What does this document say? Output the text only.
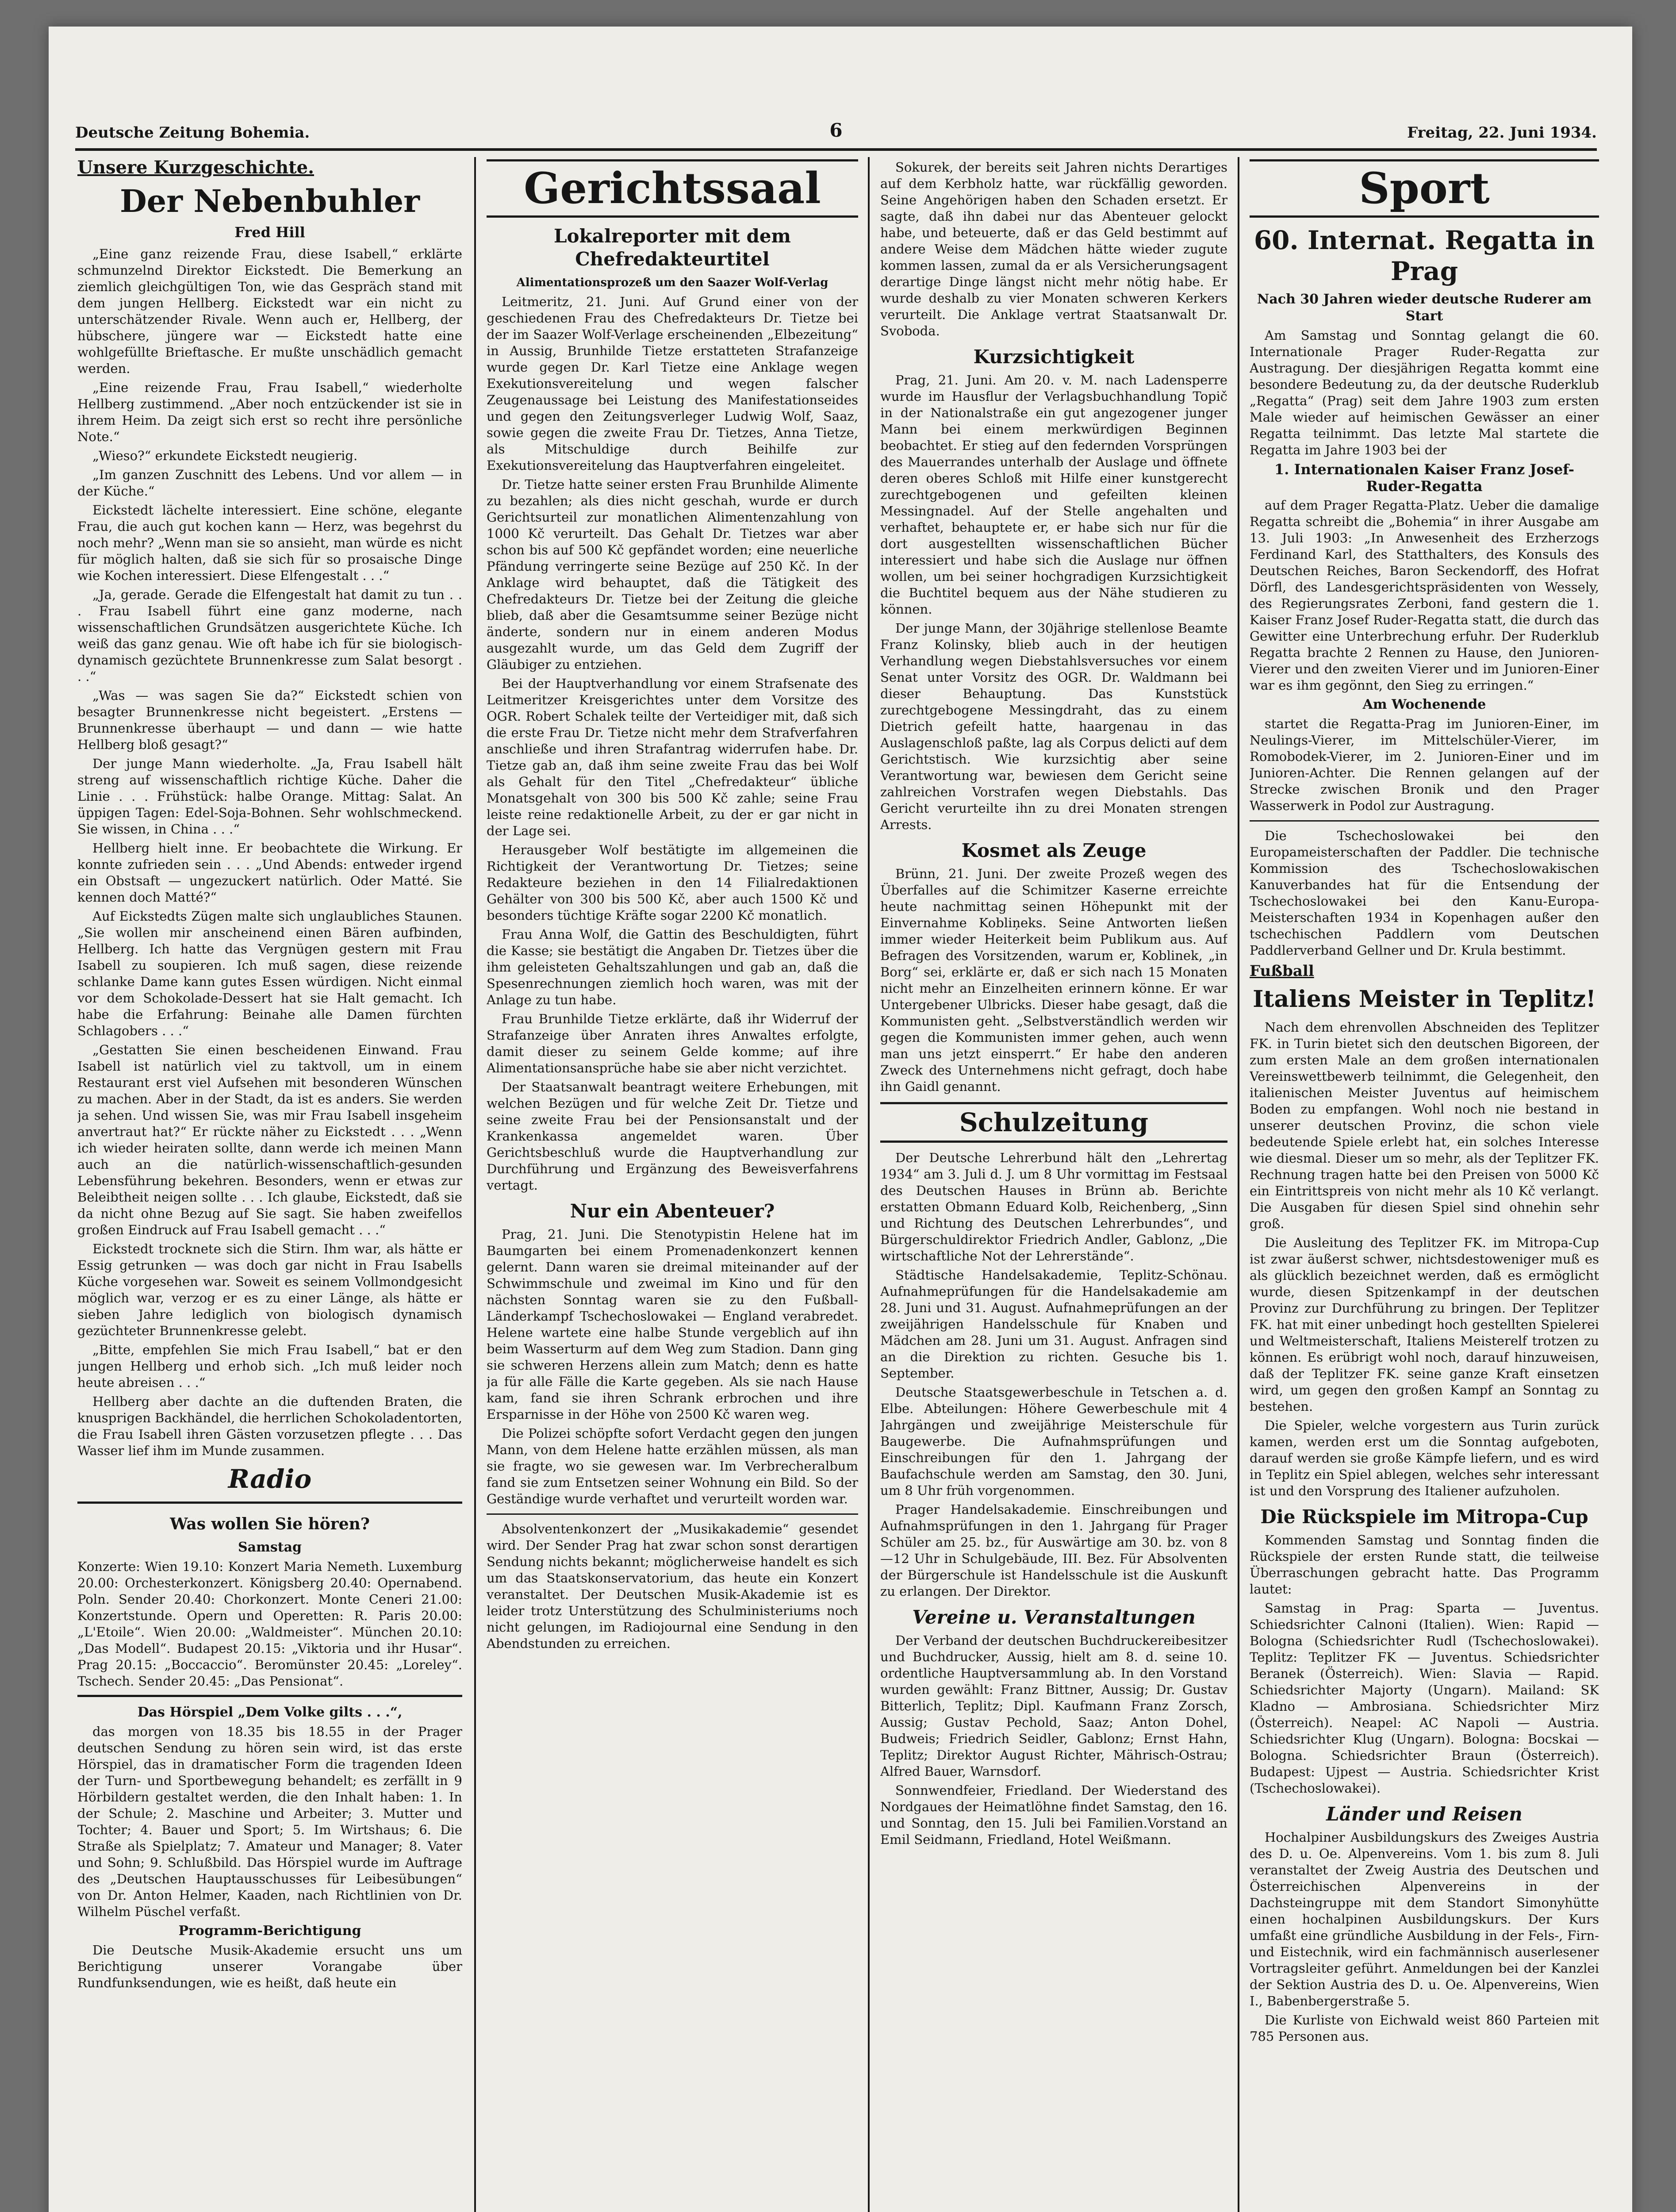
Deutsche Zeitung Bohemia.	6	Freitag, 22. Juni 1934.
Unsere Kurzgeschichte.
Der Nebenbuhler
Fred Hill

„Eine ganz reizende Frau, diese Isabell,“ erklärte schmunzelnd Direktor Eickstedt. Die Bemerkung an ziemlich gleichgültigen Ton, wie das Gespräch stand mit dem jungen Hellberg. Eickstedt war ein nicht zu unterschätzender Rivale. Wenn auch er, Hellberg, der hübschere, jüngere war — Eickstedt hatte eine wohlgefüllte Brieftasche. Er mußte unschädlich gemacht werden.

„Eine reizende Frau, Frau Isabell,“ wiederholte Hellberg zustimmend. „Aber noch entzückender ist sie in ihrem Heim. Da zeigt sich erst so recht ihre persönliche Note.“

„Wieso?“ erkundete Eickstedt neugierig.

„Im ganzen Zuschnitt des Lebens. Und vor allem — in der Küche.“

Eickstedt lächelte interessiert. Eine schöne, elegante Frau, die auch gut kochen kann — Herz, was begehrst du noch mehr? „Wenn man sie so ansieht, man würde es nicht für möglich halten, daß sie sich für so prosaische Dinge wie Kochen interessiert. Diese Elfengestalt . . .“

„Ja, gerade. Gerade die Elfengestalt hat damit zu tun . . . Frau Isabell führt eine ganz moderne, nach wissenschaftlichen Grundsätzen ausgerichtete Küche. Ich weiß das ganz genau. Wie oft habe ich für sie biologisch-dynamisch gezüchtete Brunnenkresse zum Salat besorgt . . .“

„Was — was sagen Sie da?“ Eickstedt schien von besagter Brunnenkresse nicht begeistert. „Erstens — Brunnenkresse überhaupt — und dann — wie hatte Hellberg bloß gesagt?“

Der junge Mann wiederholte. „Ja, Frau Isabell hält streng auf wissenschaftlich richtige Küche. Daher die Linie . . . Frühstück: halbe Orange. Mittag: Salat. An üppigen Tagen: Edel-Soja-Bohnen. Sehr wohlschmeckend. Sie wissen, in China . . .“

Hellberg hielt inne. Er beobachtete die Wirkung. Er konnte zufrieden sein . . . „Und Abends: entweder irgend ein Obstsaft — ungezuckert natürlich. Oder Matté. Sie kennen doch Matté?“

Auf Eickstedts Zügen malte sich unglaubliches Staunen. „Sie wollen mir anscheinend einen Bären aufbinden, Hellberg. Ich hatte das Vergnügen gestern mit Frau Isabell zu soupieren. Ich muß sagen, diese reizende schlanke Dame kann gutes Essen würdigen. Nicht einmal vor dem Schokolade-Dessert hat sie Halt gemacht. Ich habe die Erfahrung: Beinahe alle Damen fürchten Schlagobers . . .“

„Gestatten Sie einen bescheidenen Einwand. Frau Isabell ist natürlich viel zu taktvoll, um in einem Restaurant erst viel Aufsehen mit besonderen Wünschen zu machen. Aber in der Stadt, da ist es anders. Sie werden ja sehen. Und wissen Sie, was mir Frau Isabell insgeheim anvertraut hat?“ Er rückte näher zu Eickstedt . . . „Wenn ich wieder heiraten sollte, dann werde ich meinen Mann auch an die natürlich-wissenschaftlich-gesunden Lebensführung bekehren. Besonders, wenn er etwas zur Beleibtheit neigen sollte . . . Ich glaube, Eickstedt, daß sie da nicht ohne Bezug auf Sie sagt. Sie haben zweifellos großen Eindruck auf Frau Isabell gemacht . . .“

Eickstedt trocknete sich die Stirn. Ihm war, als hätte er Essig getrunken — was doch gar nicht in Frau Isabells Küche vorgesehen war. Soweit es seinem Vollmondgesicht möglich war, verzog er es zu einer Länge, als hätte er sieben Jahre lediglich von biologisch dynamisch gezüchteter Brunnenkresse gelebt.

„Bitte, empfehlen Sie mich Frau Isabell,“ bat er den jungen Hellberg und erhob sich. „Ich muß leider noch heute abreisen . . .“

Hellberg aber dachte an die duftenden Braten, die knusprigen Backhändel, die herrlichen Schokoladentorten, die Frau Isabell ihren Gästen vorzusetzen pflegte . . . Das Wasser lief ihm im Munde zusammen.

Radio
Was wollen Sie hören?
Samstag

Konzerte: Wien 19.10: Konzert Maria Nemeth. Luxemburg 20.00: Orchesterkonzert. Königsberg 20.40: Opernabend. Poln. Sender 20.40: Chorkonzert. Monte Ceneri 21.00: Konzertstunde. Opern und Operetten: R. Paris 20.00: „L'Etoile“. Wien 20.00: „Waldmeister“. München 20.10: „Das Modell“. Budapest 20.15: „Viktoria und ihr Husar“. Prag 20.15: „Boccaccio“. Beromünster 20.45: „Loreley“. Tschech. Sender 20.45: „Das Pensionat“.

Das Hörspiel „Dem Volke gilts . . .“,

das morgen von 18.35 bis 18.55 in der Prager deutschen Sendung zu hören sein wird, ist das erste Hörspiel, das in dramatischer Form die tragenden Ideen der Turn- und Sportbewegung behandelt; es zerfällt in 9 Hörbildern gestaltet werden, die den Inhalt haben: 1. In der Schule; 2. Maschine und Arbeiter; 3. Mutter und Tochter; 4. Bauer und Sport; 5. Im Wirtshaus; 6. Die Straße als Spielplatz; 7. Amateur und Manager; 8. Vater und Sohn; 9. Schlußbild. Das Hörspiel wurde im Auftrage des „Deutschen Hauptausschusses für Leibesübungen“ von Dr. Anton Helmer, Kaaden, nach Richtlinien von Dr. Wilhelm Püschel verfaßt.

Programm-Berichtigung

Die Deutsche Musik-Akademie ersucht uns um Berichtigung unserer Vorangabe über Rundfunksendungen, wie es heißt, daß heute ein

Gerichtssaal
Lokalreporter mit dem Chefredakteurtitel
Alimentationsprozeß um den Saazer Wolf-Verlag

Leitmeritz, 21. Juni. Auf Grund einer von der geschiedenen Frau des Chefredakteurs Dr. Tietze bei der im Saazer Wolf-Verlage erscheinenden „Elbezeitung“ in Aussig, Brunhilde Tietze erstatteten Strafanzeige wurde gegen Dr. Karl Tietze eine Anklage wegen Exekutionsvereitelung und wegen falscher Zeugenaussage bei Leistung des Manifestationseides und gegen den Zeitungsverleger Ludwig Wolf, Saaz, sowie gegen die zweite Frau Dr. Tietzes, Anna Tietze, als Mitschuldige durch Beihilfe zur Exekutionsvereitelung das Hauptverfahren eingeleitet.

Dr. Tietze hatte seiner ersten Frau Brunhilde Alimente zu bezahlen; als dies nicht geschah, wurde er durch Gerichtsurteil zur monatlichen Alimentenzahlung von 1000 Kč verurteilt. Das Gehalt Dr. Tietzes war aber schon bis auf 500 Kč gepfändet worden; eine neuerliche Pfändung verringerte seine Bezüge auf 250 Kč. In der Anklage wird behauptet, daß die Tätigkeit des Chefredakteurs Dr. Tietze bei der Zeitung die gleiche blieb, daß aber die Gesamtsumme seiner Bezüge nicht änderte, sondern nur in einem anderen Modus ausgezahlt wurde, um das Geld dem Zugriff der Gläubiger zu entziehen.

Bei der Hauptverhandlung vor einem Strafsenate des Leitmeritzer Kreisgerichtes unter dem Vorsitze des OGR. Robert Schalek teilte der Verteidiger mit, daß sich die erste Frau Dr. Tietze nicht mehr dem Strafverfahren anschließe und ihren Strafantrag widerrufen habe. Dr. Tietze gab an, daß ihm seine zweite Frau das bei Wolf als Gehalt für den Titel „Chefredakteur“ übliche Monatsgehalt von 300 bis 500 Kč zahle; seine Frau leiste reine redaktionelle Arbeit, zu der er gar nicht in der Lage sei.

Herausgeber Wolf bestätigte im allgemeinen die Richtigkeit der Verantwortung Dr. Tietzes; seine Redakteure beziehen in den 14 Filialredaktionen Gehälter von 300 bis 500 Kč, aber auch 1500 Kč und besonders tüchtige Kräfte sogar 2200 Kč monatlich.

Frau Anna Wolf, die Gattin des Beschuldigten, führt die Kasse; sie bestätigt die Angaben Dr. Tietzes über die ihm geleisteten Gehaltszahlungen und gab an, daß die Spesenrechnungen ziemlich hoch waren, was mit der Anlage zu tun habe.

Frau Brunhilde Tietze erklärte, daß ihr Widerruf der Strafanzeige über Anraten ihres Anwaltes erfolgte, damit dieser zu seinem Gelde komme; auf ihre Alimentationsansprüche habe sie aber nicht verzichtet.

Der Staatsanwalt beantragt weitere Erhebungen, mit welchen Bezügen und für welche Zeit Dr. Tietze und seine zweite Frau bei der Pensionsanstalt und der Krankenkassa angemeldet waren. Über Gerichtsbeschluß wurde die Hauptverhandlung zur Durchführung und Ergänzung des Beweisverfahrens vertagt.

Nur ein Abenteuer?

Prag, 21. Juni. Die Stenotypistin Helene hat im Baumgarten bei einem Promenadenkonzert kennen gelernt. Dann waren sie dreimal miteinander auf der Schwimmschule und zweimal im Kino und für den nächsten Sonntag waren sie zu den Fußball-Länderkampf Tschechoslowakei — England verabredet. Helene wartete eine halbe Stunde vergeblich auf ihn beim Wasserturm auf dem Weg zum Stadion. Dann ging sie schweren Herzens allein zum Match; denn es hatte ja für alle Fälle die Karte gegeben. Als sie nach Hause kam, fand sie ihren Schrank erbrochen und ihre Ersparnisse in der Höhe von 2500 Kč waren weg.

Die Polizei schöpfte sofort Verdacht gegen den jungen Mann, von dem Helene hatte erzählen müssen, als man sie fragte, wo sie gewesen war. Im Verbrecheralbum fand sie zum Entsetzen seiner Wohnung ein Bild. So der Geständige wurde verhaftet und verurteilt worden war.

Absolventenkonzert der „Musikakademie“ gesendet wird. Der Sender Prag hat zwar schon sonst derartigen Sendung nichts bekannt; möglicherweise handelt es sich um das Staatskonservatorium, das heute ein Konzert veranstaltet. Der Deutschen Musik-Akademie ist es leider trotz Unterstützung des Schulministeriums noch nicht gelungen, im Radiojournal eine Sendung in den Abendstunden zu erreichen.

Sokurek, der bereits seit Jahren nichts Derartiges auf dem Kerbholz hatte, war rückfällig geworden. Seine Angehörigen haben den Schaden ersetzt. Er sagte, daß ihn dabei nur das Abenteuer gelockt habe, und beteuerte, daß er das Geld bestimmt auf andere Weise dem Mädchen hätte wieder zugute kommen lassen, zumal da er als Versicherungsagent derartige Dinge längst nicht mehr nötig habe. Er wurde deshalb zu vier Monaten schweren Kerkers verurteilt. Die Anklage vertrat Staatsanwalt Dr. Svoboda.

Kurzsichtigkeit

Prag, 21. Juni. Am 20. v. M. nach Ladensperre wurde im Hausflur der Verlagsbuchhandlung Topič in der Nationalstraße ein gut angezogener junger Mann bei einem merkwürdigen Beginnen beobachtet. Er stieg auf den federnden Vorsprüngen des Mauerrandes unterhalb der Auslage und öffnete deren oberes Schloß mit Hilfe einer kunstgerecht zurechtgebogenen und gefeilten kleinen Messingnadel. Auf der Stelle angehalten und verhaftet, behauptete er, er habe sich nur für die dort ausgestellten wissenschaftlichen Bücher interessiert und habe sich die Auslage nur öffnen wollen, um bei seiner hochgradigen Kurzsichtigkeit die Buchtitel bequem aus der Nähe studieren zu können.

Der junge Mann, der 30jährige stellenlose Beamte Franz Kolinsky, blieb auch in der heutigen Verhandlung wegen Diebstahlsversuches vor einem Senat unter Vorsitz des OGR. Dr. Waldmann bei dieser Behauptung. Das Kunststück zurechtgebogene Messingdraht, das zu einem Dietrich gefeilt hatte, haargenau in das Auslagenschloß paßte, lag als Corpus delicti auf dem Gerichtstisch. Wie kurzsichtig aber seine Verantwortung war, bewiesen dem Gericht seine zahlreichen Vorstrafen wegen Diebstahls. Das Gericht verurteilte ihn zu drei Monaten strengen Arrests.

Kosmet als Zeuge

Brünn, 21. Juni. Der zweite Prozeß wegen des Überfalles auf die Schimitzer Kaserne erreichte heute nachmittag seinen Höhepunkt mit der Einvernahme Kobliņeks. Seine Antworten ließen immer wieder Heiterkeit beim Publikum aus. Auf Befragen des Vorsitzenden, warum er, Koblinek, „in Borg“ sei, erklärte er, daß er sich nach 15 Monaten nicht mehr an Einzelheiten erinnern könne. Er war Untergebener Ulbricks. Dieser habe gesagt, daß die Kommunisten geht. „Selbstverständlich werden wir gegen die Kommunisten immer gehen, auch wenn man uns jetzt einsperrt.“ Er habe den anderen Zweck des Unternehmens nicht gefragt, doch habe ihn Gaidl genannt.

Schulzeitung

Der Deutsche Lehrerbund hält den „Lehrertag 1934“ am 3. Juli d. J. um 8 Uhr vormittag im Festsaal des Deutschen Hauses in Brünn ab. Berichte erstatten Obmann Eduard Kolb, Reichenberg, „Sinn und Richtung des Deutschen Lehrerbundes“, und Bürgerschuldirektor Friedrich Andler, Gablonz, „Die wirtschaftliche Not der Lehrerstände“.

Städtische Handelsakademie, Teplitz-Schönau. Aufnahmeprüfungen für die Handelsakademie am 28. Juni und 31. August. Aufnahmeprüfungen an der zweijährigen Handelsschule für Knaben und Mädchen am 28. Juni um 31. August. Anfragen sind an die Direktion zu richten. Gesuche bis 1. September.

Deutsche Staatsgewerbeschule in Tetschen a. d. Elbe. Abteilungen: Höhere Gewerbeschule mit 4 Jahrgängen und zweijährige Meisterschule für Baugewerbe. Die Aufnahmsprüfungen und Einschreibungen für den 1. Jahrgang der Baufachschule werden am Samstag, den 30. Juni, um 8 Uhr früh vorgenommen.

Prager Handelsakademie. Einschreibungen und Aufnahmsprüfungen in den 1. Jahrgang für Prager Schüler am 25. bz., für Auswärtige am 30. bz. von 8—12 Uhr in Schulgebäude, III. Bez. Für Absolventen der Bürgerschule ist Handelsschule ist die Auskunft zu erlangen. Der Direktor.

Vereine u. Veranstaltungen

Der Verband der deutschen Buchdruckereibesitzer und Buchdrucker, Aussig, hielt am 8. d. seine 10. ordentliche Hauptversammlung ab. In den Vorstand wurden gewählt: Franz Bittner, Aussig; Dr. Gustav Bitterlich, Teplitz; Dipl. Kaufmann Franz Zorsch, Aussig; Gustav Pechold, Saaz; Anton Dohel, Budweis; Friedrich Seidler, Gablonz; Ernst Hahn, Teplitz; Direktor August Richter, Mährisch-Ostrau; Alfred Bauer, Warnsdorf.

Sonnwendfeier, Friedland. Der Wiederstand des Nordgaues der Heimatlöhne findet Samstag, den 16. und Sonntag, den 15. Juli bei Familien.Vorstand an Emil Seidmann, Friedland, Hotel Weißmann.

Sport
60. Internat. Regatta in Prag
Nach 30 Jahren wieder deutsche Ruderer am Start

Am Samstag und Sonntag gelangt die 60. Internationale Prager Ruder-Regatta zur Austragung. Der diesjährigen Regatta kommt eine besondere Bedeutung zu, da der deutsche Ruderklub „Regatta“ (Prag) seit dem Jahre 1903 zum ersten Male wieder auf heimischen Gewässer an einer Regatta teilnimmt. Das letzte Mal startete die Regatta im Jahre 1903 bei der

1. Internationalen Kaiser Franz Josef-Ruder-Regatta

auf dem Prager Regatta-Platz. Ueber die damalige Regatta schreibt die „Bohemia“ in ihrer Ausgabe am 13. Juli 1903: „In Anwesenheit des Erzherzogs Ferdinand Karl, des Statthalters, des Konsuls des Deutschen Reiches, Baron Seckendorff, des Hofrat Dörfl, des Landesgerichtspräsidenten von Wessely, des Regierungsrates Zerboni, fand gestern die 1. Kaiser Franz Josef Ruder-Regatta statt, die durch das Gewitter eine Unterbrechung erfuhr. Der Ruderklub Regatta brachte 2 Rennen zu Hause, den Junioren-Vierer und den zweiten Vierer und im Junioren-Einer war es ihm gegönnt, den Sieg zu erringen.“

Am Wochenende

startet die Regatta-Prag im Junioren-Einer, im Neulings-Vierer, im Mittelschüler-Vierer, im Romobodek-Vierer, im 2. Junioren-Einer und im Junioren-Achter. Die Rennen gelangen auf der Strecke zwischen Bronik und den Prager Wasserwerk in Podol zur Austragung.

Die Tschechoslowakei bei den Europameisterschaften der Paddler. Die technische Kommission des Tschechoslowakischen Kanuverbandes hat für die Entsendung der Tschechoslowakei bei den Kanu-Europa-Meisterschaften 1934 in Kopenhagen außer den tschechischen Paddlern vom Deutschen Paddlerverband Gellner und Dr. Krula bestimmt.

Fußball
Italiens Meister in Teplitz!

Nach dem ehrenvollen Abschneiden des Teplitzer FK. in Turin bietet sich den deutschen Bigoreen, der zum ersten Male an dem großen internationalen Vereinswettbewerb teilnimmt, die Gelegenheit, den italienischen Meister Juventus auf heimischem Boden zu empfangen. Wohl noch nie bestand in unserer deutschen Provinz, die schon viele bedeutende Spiele erlebt hat, ein solches Interesse wie diesmal. Dieser um so mehr, als der Teplitzer FK. Rechnung tragen hatte bei den Preisen von 5000 Kč ein Eintrittspreis von nicht mehr als 10 Kč verlangt. Die Ausgaben für diesen Spiel sind ohnehin sehr groß.

Die Ausleitung des Teplitzer FK. im Mitropa-Cup ist zwar äußerst schwer, nichtsdestoweniger muß es als glücklich bezeichnet werden, daß es ermöglicht wurde, diesen Spitzenkampf in der deutschen Provinz zur Durchführung zu bringen. Der Teplitzer FK. hat mit einer unbedingt hoch gestellten Spielerei und Weltmeisterschaft, Italiens Meisterelf trotzen zu können. Es erübrigt wohl noch, darauf hinzuweisen, daß der Teplitzer FK. seine ganze Kraft einsetzen wird, um gegen den großen Kampf an Sonntag zu bestehen.

Die Spieler, welche vorgestern aus Turin zurück kamen, werden erst um die Sonntag aufgeboten, darauf werden sie große Kämpfe liefern, und es wird in Teplitz ein Spiel ablegen, welches sehr interessant ist und den Vorsprung des Italiener aufzuholen.

Die Rückspiele im Mitropa-Cup

Kommenden Samstag und Sonntag finden die Rückspiele der ersten Runde statt, die teilweise Überraschungen gebracht hatte. Das Programm lautet:

Samstag in Prag: Sparta — Juventus. Schiedsrichter Calnoni (Italien). Wien: Rapid — Bologna (Schiedsrichter Rudl (Tschechoslowakei). Teplitz: Teplitzer FK — Juventus. Schiedsrichter Beranek (Österreich). Wien: Slavia — Rapid. Schiedsrichter Majorty (Ungarn). Mailand: SK Kladno — Ambrosiana. Schiedsrichter Mirz (Österreich). Neapel: AC Napoli — Austria. Schiedsrichter Klug (Ungarn). Bologna: Bocskai — Bologna. Schiedsrichter Braun (Österreich). Budapest: Ujpest — Austria. Schiedsrichter Krist (Tschechoslowakei).

Länder und Reisen

Hochalpiner Ausbildungskurs des Zweiges Austria des D. u. Oe. Alpenvereins. Vom 1. bis zum 8. Juli veranstaltet der Zweig Austria des Deutschen und Österreichischen Alpenvereins in der Dachsteingruppe mit dem Standort Simonyhütte einen hochalpinen Ausbildungskurs. Der Kurs umfaßt eine gründliche Ausbildung in der Fels-, Firn- und Eistechnik, wird ein fachmännisch auserlesener Vortragsleiter geführt. Anmeldungen bei der Kanzlei der Sektion Austria des D. u. Oe. Alpenvereins, Wien I., Babenbergerstraße 5.

Die Kurliste von Eichwald weist 860 Parteien mit 785 Personen aus.
